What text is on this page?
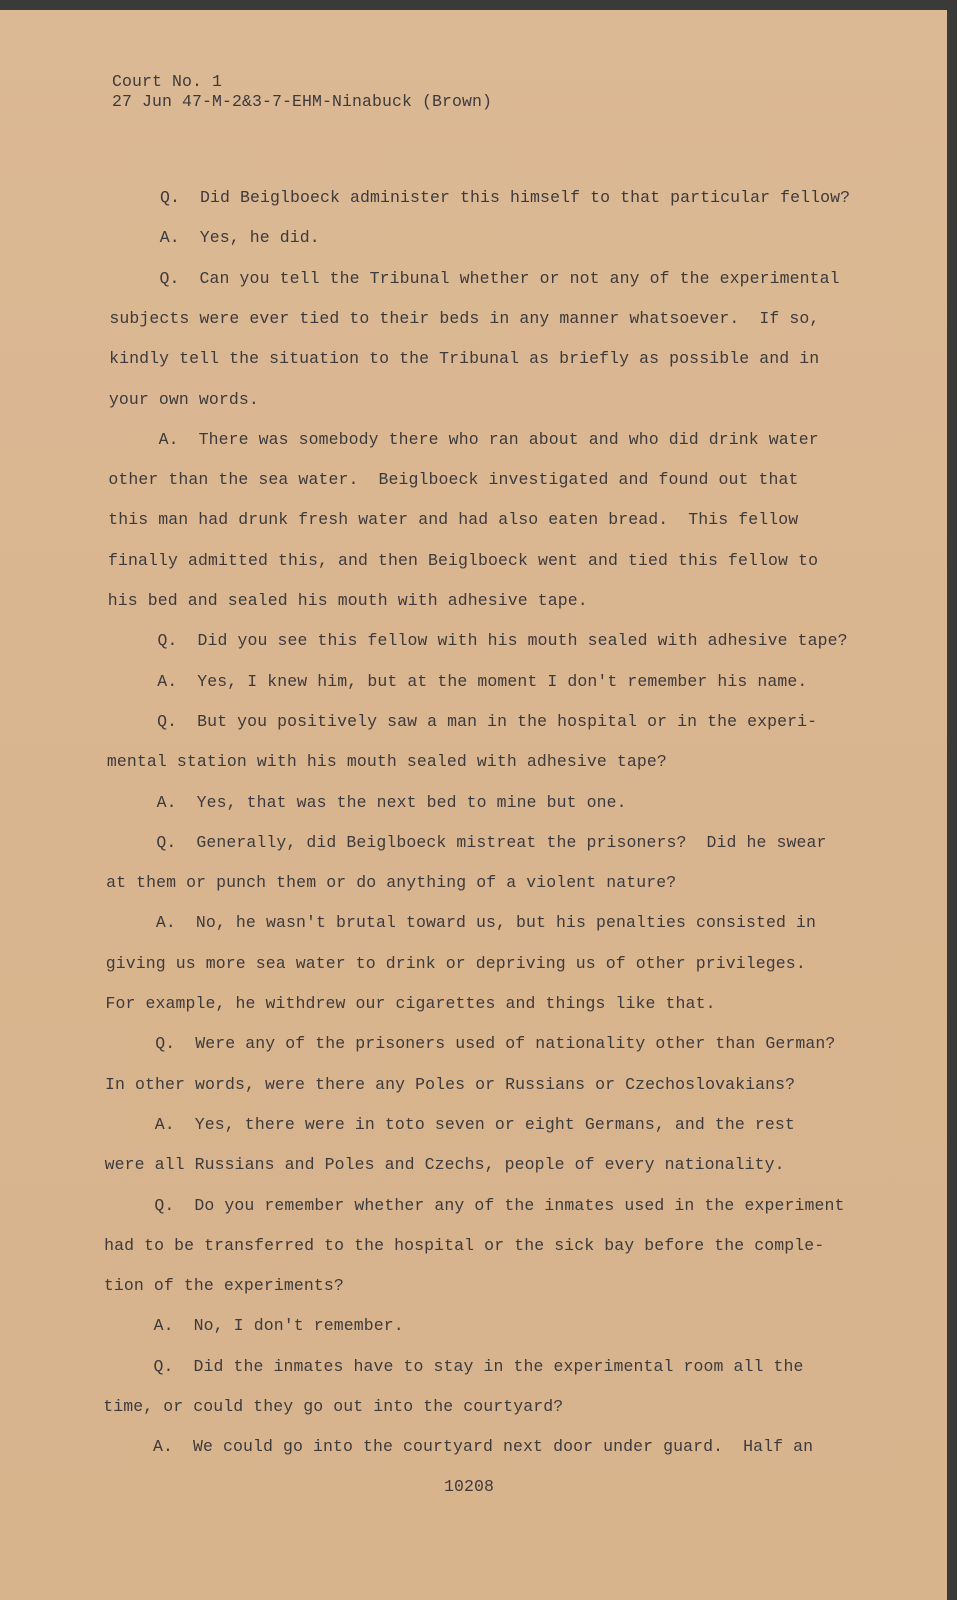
Court No. 1
27 Jun 47-M-2&3-7-EHM-Ninabuck (Brown)
Q.  Did Beiglboeck administer this himself to that particular fellow?
A.  Yes, he did.
Q.  Can you tell the Tribunal whether or not any of the experimental
subjects were ever tied to their beds in any manner whatsoever.  If so,
kindly tell the situation to the Tribunal as briefly as possible and in
your own words.
A.  There was somebody there who ran about and who did drink water
other than the sea water.  Beiglboeck investigated and found out that
this man had drunk fresh water and had also eaten bread.  This fellow
finally admitted this, and then Beiglboeck went and tied this fellow to
his bed and sealed his mouth with adhesive tape.
Q.  Did you see this fellow with his mouth sealed with adhesive tape?
A.  Yes, I knew him, but at the moment I don't remember his name.
Q.  But you positively saw a man in the hospital or in the experi-
mental station with his mouth sealed with adhesive tape?
A.  Yes, that was the next bed to mine but one.
Q.  Generally, did Beiglboeck mistreat the prisoners?  Did he swear
at them or punch them or do anything of a violent nature?
A.  No, he wasn't brutal toward us, but his penalties consisted in
giving us more sea water to drink or depriving us of other privileges.
For example, he withdrew our cigarettes and things like that.
Q.  Were any of the prisoners used of nationality other than German?
In other words, were there any Poles or Russians or Czechoslovakians?
A.  Yes, there were in toto seven or eight Germans, and the rest
were all Russians and Poles and Czechs, people of every nationality.
Q.  Do you remember whether any of the inmates used in the experiment
had to be transferred to the hospital or the sick bay before the comple-
tion of the experiments?
A.  No, I don't remember.
Q.  Did the inmates have to stay in the experimental room all the
time, or could they go out into the courtyard?
A.  We could go into the courtyard next door under guard.  Half an
10208
